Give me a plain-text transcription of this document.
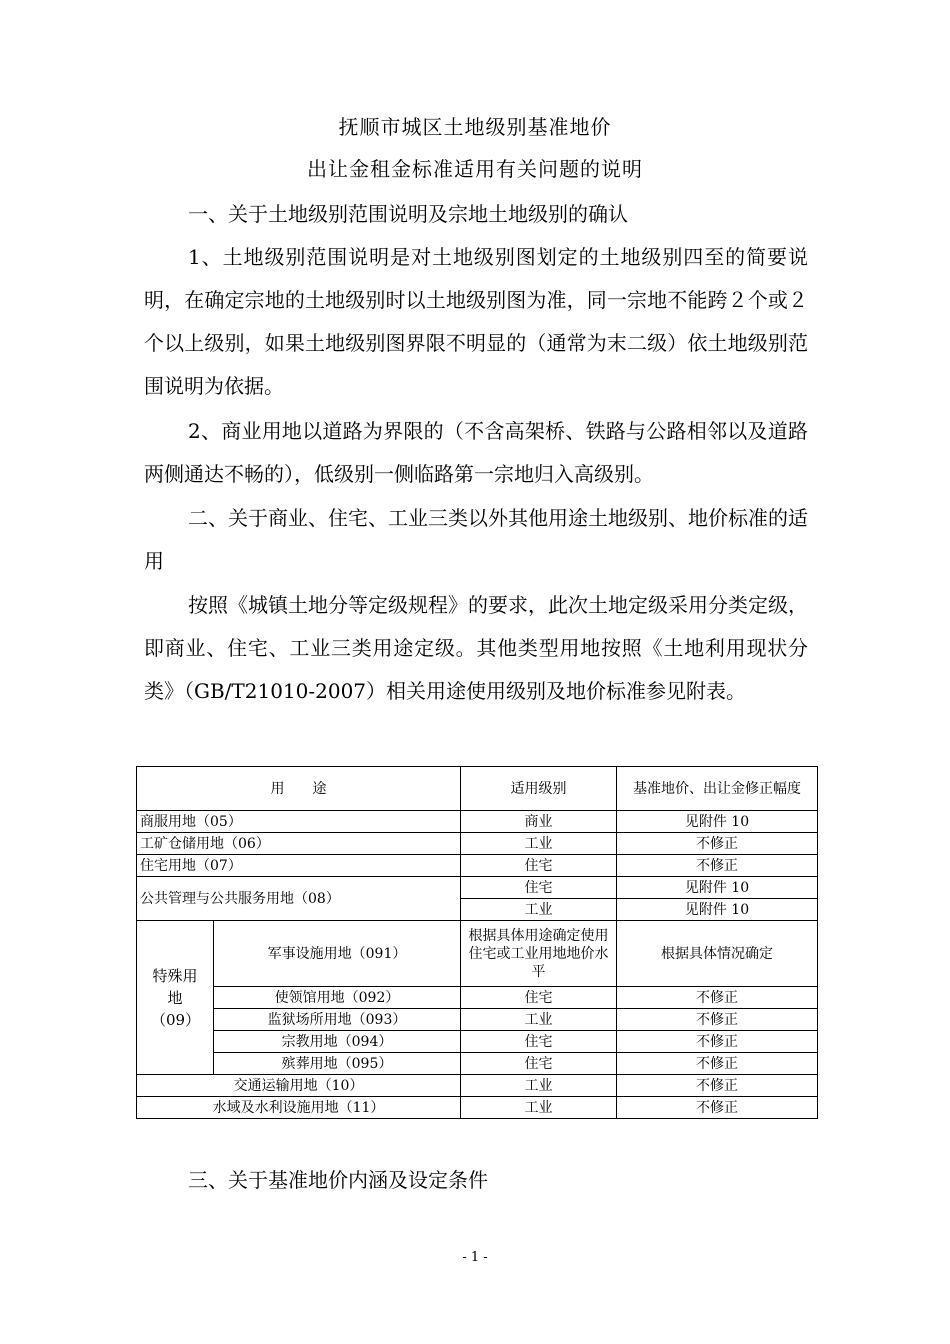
抚顺市城区土地级别基准地价
出让金租金标准适用有关问题的说明
一、关于土地级别范围说明及宗地土地级别的确认
1、土地级别范围说明是对土地级别图划定的土地级别四至的简要说明，在确定宗地的土地级别时以土地级别图为准，同一宗地不能跨２个或２个以上级别，如果土地级别图界限不明显的（通常为末二级）依土地级别范围说明为依据。
2、商业用地以道路为界限的（不含高架桥、铁路与公路相邻以及道路两侧通达不畅的），低级别一侧临路第一宗地归入高级别。
二、关于商业、住宅、工业三类以外其他用途土地级别、地价标准的适用
按照《城镇土地分等定级规程》的要求，此次土地定级采用分类定级，即商业、住宅、工业三类用途定级。其他类型用地按照《土地利用现状分类》（GB/T21010-2007）相关用途使用级别及地价标准参见附表。
用　　途		适用级别	基准地价、出让金修正幅度
商服用地（05）		商业	见附件 10
工矿仓储用地（06）		工业	不修正
住宅用地（07）		住宅	不修正
公共管理与公共服务用地（08）		住宅	见附件 10
		工业	见附件 10
特殊用地（09）	军事设施用地（091）	根据具体用途确定使用住宅或工业用地地价水平	根据具体情况确定
	使领馆用地（092）	住宅	不修正
	监狱场所用地（093）	工业	不修正
	宗教用地（094）	住宅	不修正
	殡葬用地（095）	住宅	不修正
交通运输用地（10）		工业	不修正
水域及水利设施用地（11）		工业	不修正
三、关于基准地价内涵及设定条件
- 1 -
